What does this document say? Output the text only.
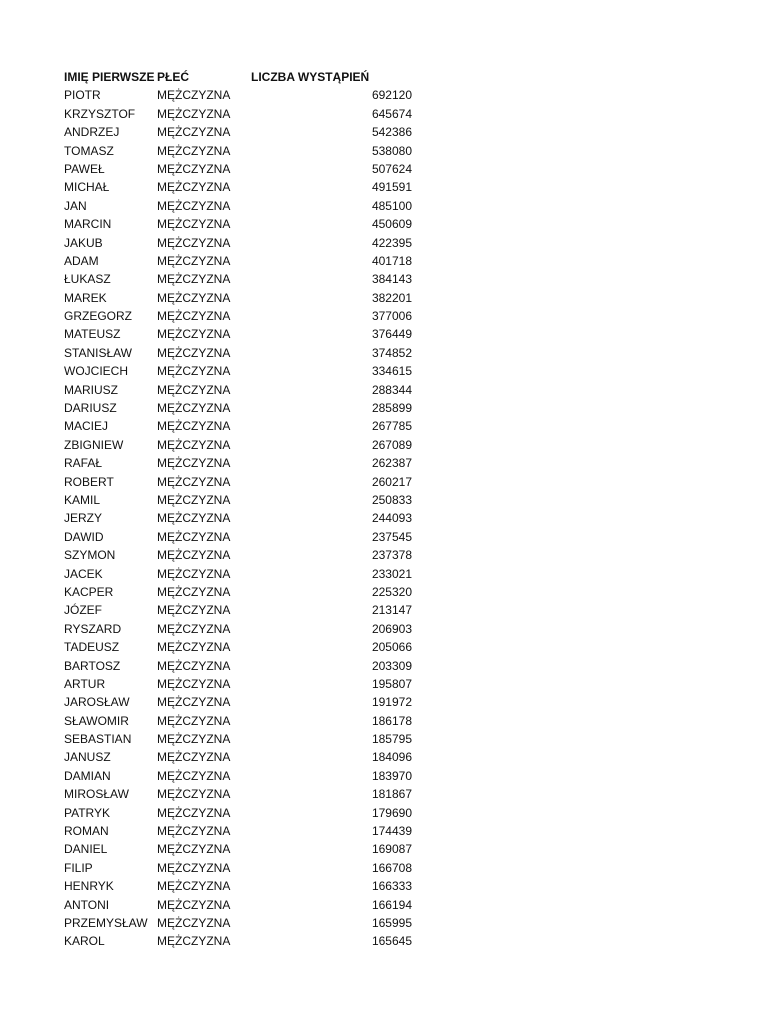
IMIĘ PIERWSZE PŁEĆ	LICZBA WYSTĄPIEŃ
PIOTR	MĘŻCZYZNA	692120
KRZYSZTOF MĘŻCZYZNA	645674
ANDRZEJ	MĘŻCZYZNA	542386
TOMASZ	MĘŻCZYZNA	538080
PAWEŁ	MĘŻCZYZNA	507624
MICHAŁ	MĘŻCZYZNA	491591
JAN	MĘŻCZYZNA	485100
MARCIN	MĘŻCZYZNA	450609
JAKUB	MĘŻCZYZNA	422395
ADAM	MĘŻCZYZNA	401718
ŁUKASZ	MĘŻCZYZNA	384143
MAREK	MĘŻCZYZNA	382201
GRZEGORZ MĘŻCZYZNA	377006
MATEUSZ	MĘŻCZYZNA	376449
STANISŁAW MĘŻCZYZNA	374852
WOJCIECH MĘŻCZYZNA	334615
MARIUSZ	MĘŻCZYZNA	288344
DARIUSZ	MĘŻCZYZNA	285899
MACIEJ	MĘŻCZYZNA	267785
ZBIGNIEW	MĘŻCZYZNA	267089
RAFAŁ	MĘŻCZYZNA	262387
ROBERT	MĘŻCZYZNA	260217
KAMIL	MĘŻCZYZNA	250833
JERZY	MĘŻCZYZNA	244093
DAWID	MĘŻCZYZNA	237545
SZYMON	MĘŻCZYZNA	237378
JACEK	MĘŻCZYZNA	233021
KACPER	MĘŻCZYZNA	225320
JÓZEF	MĘŻCZYZNA	213147
RYSZARD	MĘŻCZYZNA	206903
TADEUSZ	MĘŻCZYZNA	205066
BARTOSZ	MĘŻCZYZNA	203309
ARTUR	MĘŻCZYZNA	195807
JAROSŁAW MĘŻCZYZNA	191972
SŁAWOMIR MĘŻCZYZNA	186178
SEBASTIAN MĘŻCZYZNA	185795
JANUSZ	MĘŻCZYZNA	184096
DAMIAN	MĘŻCZYZNA	183970
MIROSŁAW MĘŻCZYZNA	181867
PATRYK	MĘŻCZYZNA	179690
ROMAN	MĘŻCZYZNA	174439
DANIEL	MĘŻCZYZNA	169087
FILIP	MĘŻCZYZNA	166708
HENRYK	MĘŻCZYZNA	166333
ANTONI	MĘŻCZYZNA	166194
PRZEMYSŁAW MĘŻCZYZNA	165995
KAROL	MĘŻCZYZNA	165645
